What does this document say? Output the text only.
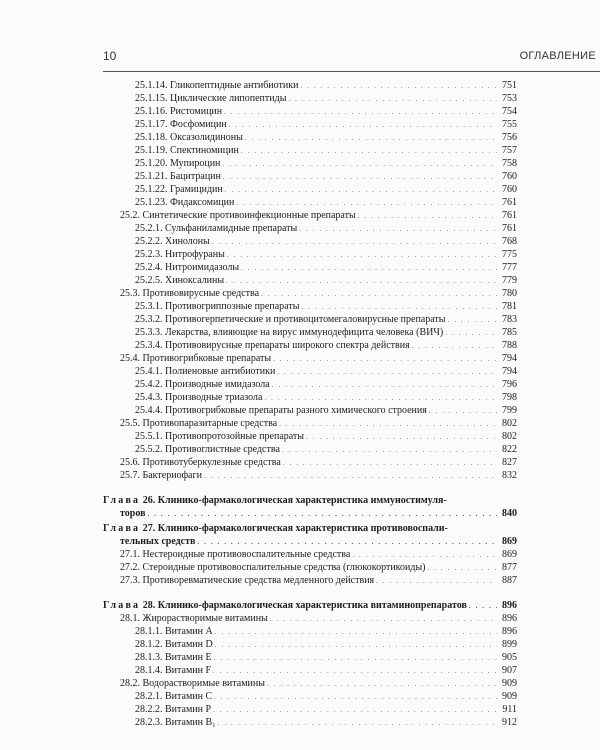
10	ОГЛАВЛЕНИЕ
25.1.14. Гликопептидные антибиотики . . .	751
25.1.15. Циклические липопептиды . . .	753
25.1.16. Ристомицин . . .	754
25.1.17. Фосфомицин . . .	755
25.1.18. Оксазолидиноны . . .	756
25.1.19. Спектиномицин . . .	757
25.1.20. Мупироцин . . .	758
25.1.21. Бацитрацин . . .	760
25.1.22. Грамицидин . . .	760
25.1.23. Фидаксомицин . . .	761
25.2. Синтетические противоинфекционные препараты . . .	761
25.2.1. Сульфаниламидные препараты . . .	761
25.2.2. Хинолоны . . .	768
25.2.3. Нитрофураны . . .	775
25.2.4. Нитроимидазолы . . .	777
25.2.5. Хиноксалины . . .	779
25.3. Противовирусные средства . . .	780
25.3.1. Противогриппозные препараты . . .	781
25.3.2. Противогерпетические и противоцитомегаловирусные препараты . . .	783
25.3.3. Лекарства, влияющие на вирус иммунодефицита человека (ВИЧ) . . .	785
25.3.4. Противовирусные препараты широкого спектра действия . . .	788
25.4. Противогрибковые препараты . . .	794
25.4.1. Полиеновые антибиотики . . .	794
25.4.2. Производные имидазола . . .	796
25.4.3. Производные триазола . . .	798
25.4.4. Противогрибковые препараты разного химического строения . . .	799
25.5. Противопаразитарные средства . . .	802
25.5.1. Противопротозойные препараты . . .	802
25.5.2. Противоглистные средства . . .	822
25.6. Противотуберкулезные средства . . .	827
25.7. Бактериофаги . . .	832
Глава 26. Клинико-фармакологическая характеристика иммуностимуля-
торов . . .	840
Глава 27. Клинико-фармакологическая характеристика противовоспали-
тельных средств . . .	869
27.1. Нестероидные противовоспалительные средства . . .	869
27.2. Стероидные противовоспалительные средства (глюкокортикоиды) . . .	877
27.3. Противоревматические средства медленного действия . . .	887
Глава 28. Клинико-фармакологическая характеристика витаминопрепаратов . . .	896
28.1. Жирорастворимые витамины . . .	896
28.1.1. Витамин A . . .	896
28.1.2. Витамин D . . .	899
28.1.3. Витамин E . . .	905
28.1.4. Витамин F . . .	907
28.2. Водорастворимые витамины . . .	909
28.2.1. Витамин C . . .	909
28.2.2. Витамин P . . .	911
28.2.3. Витамин B₁ . . .	912
